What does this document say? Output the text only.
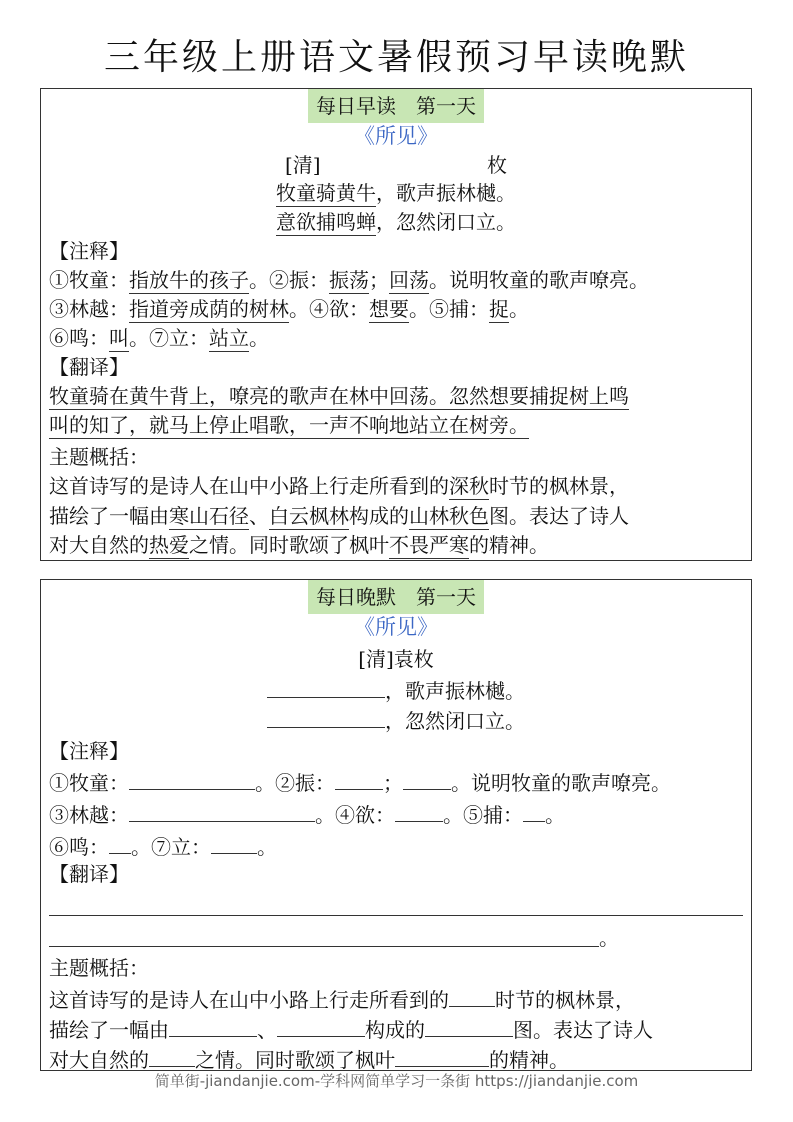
三年级上册语文暑假预习早读晚默
每日早读　第一天
《所见》
[清]	枚
牧童骑黄牛，歌声振林樾。
意欲捕鸣蝉，忽然闭口立。
【注释】
①牧童：指放牛的孩子。②振：振荡；回荡。说明牧童的歌声嘹亮。
③林越：指道旁成荫的树林。④欲：想要。⑤捕：捉。
⑥鸣：叫。⑦立：站立。
【翻译】
牧童骑在黄牛背上，嘹亮的歌声在林中回荡。忽然想要捕捉树上鸣
叫的知了，就马上停止唱歌，一声不响地站立在树旁。
主题概括：
这首诗写的是诗人在山中小路上行走所看到的深秋时节的枫林景，
描绘了一幅由寒山石径、白云枫林构成的山林秋色图。表达了诗人
对大自然的热爱之情。同时歌颂了枫叶不畏严寒的精神。
每日晚默　第一天
《所见》
[清]袁枚
，歌声振林樾。
，忽然闭口立。
【注释】
①牧童：	。②振： ； 。说明牧童的歌声嘹亮。
③林越：	。④欲： 。⑤捕： 。
⑥鸣： 。⑦立： 。
【翻译】
。
主题概括：
这首诗写的是诗人在山中小路上行走所看到的 时节的枫林景，
描绘了一幅由	、	构成的	图。表达了诗人
对大自然的 之情。同时歌颂了枫叶	的精神。
简单街-jiandanjie.com-学科网简单学习一条街 https://jiandanjie.com
